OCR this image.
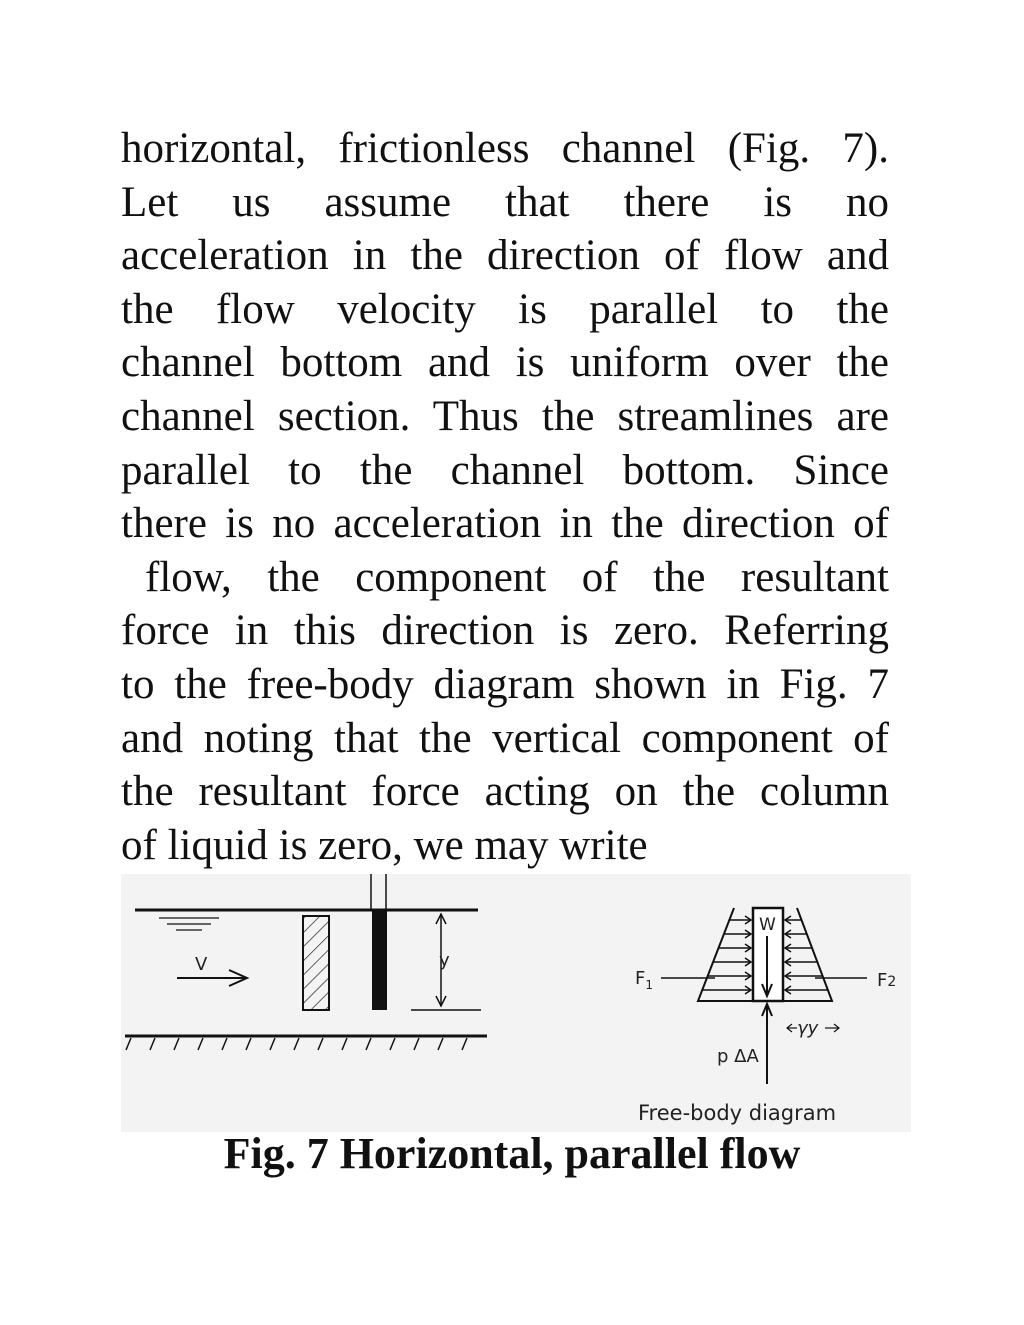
horizontal, frictionless channel (Fig. 7).
Let us assume that there is no
acceleration in the direction of flow and
the flow velocity is parallel to the
channel bottom and is uniform over the
channel section. Thus the streamlines are
parallel to the channel bottom. Since
there is no acceleration in the direction of
flow, the component of the resultant
force in this direction is zero. Referring
to the free-body diagram shown in Fig. 7
and noting that the vertical component of
the resultant force acting on the column
of liquid is zero, we may write
V	y
W
$F_1$	F2
γy
p ΔA
Free-body diagram
Fig. 7 Horizontal, parallel flow
